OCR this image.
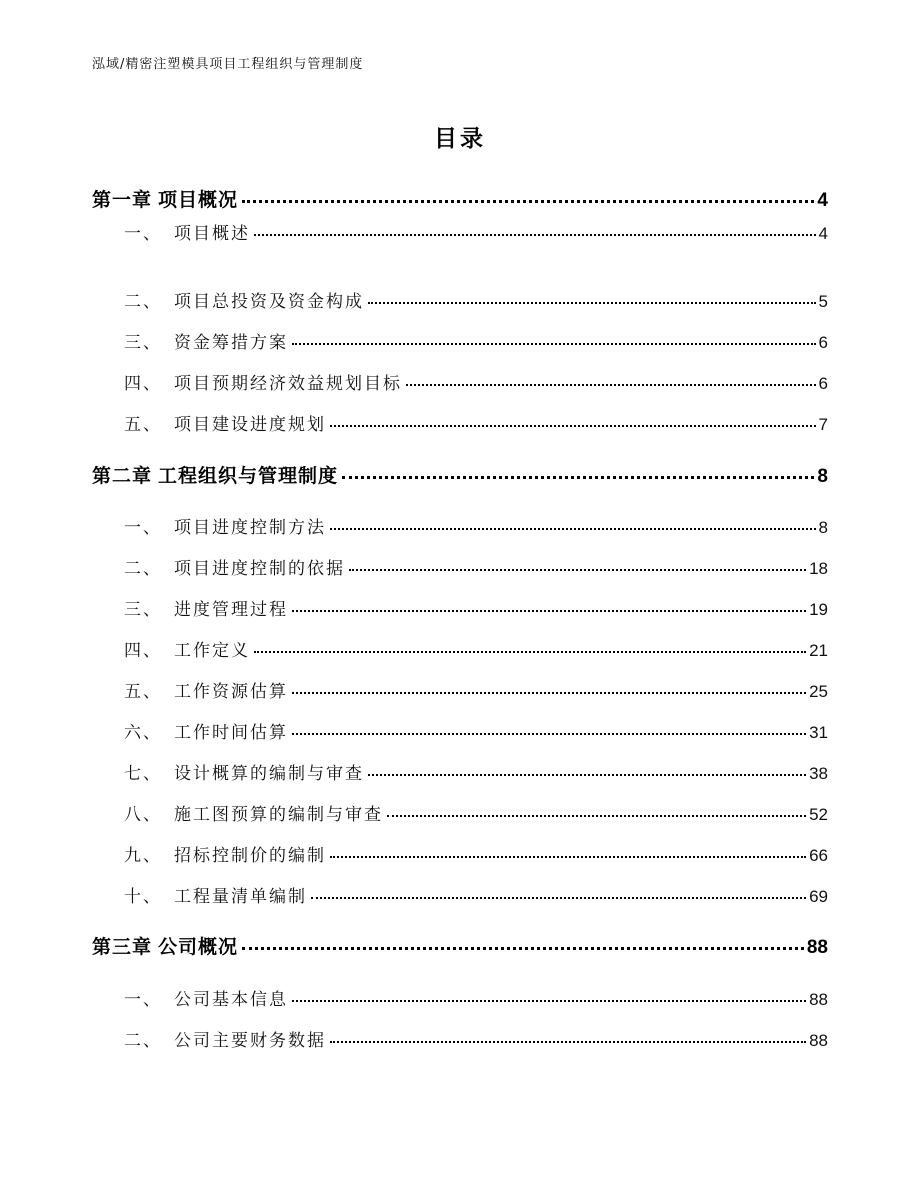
泓域/精密注塑模具项目工程组织与管理制度
目录
第一章 项目概况	4
一、 项目概述	4
二、 项目总投资及资金构成	5
三、 资金筹措方案	6
四、 项目预期经济效益规划目标	6
五、 项目建设进度规划	7
第二章 工程组织与管理制度	8
一、 项目进度控制方法	8
二、 项目进度控制的依据	18
三、 进度管理过程	19
四、 工作定义	21
五、 工作资源估算	25
六、 工作时间估算	31
七、 设计概算的编制与审查	38
八、 施工图预算的编制与审查	52
九、 招标控制价的编制	66
十、 工程量清单编制	69
第三章 公司概况	88
一、 公司基本信息	88
二、 公司主要财务数据	88
